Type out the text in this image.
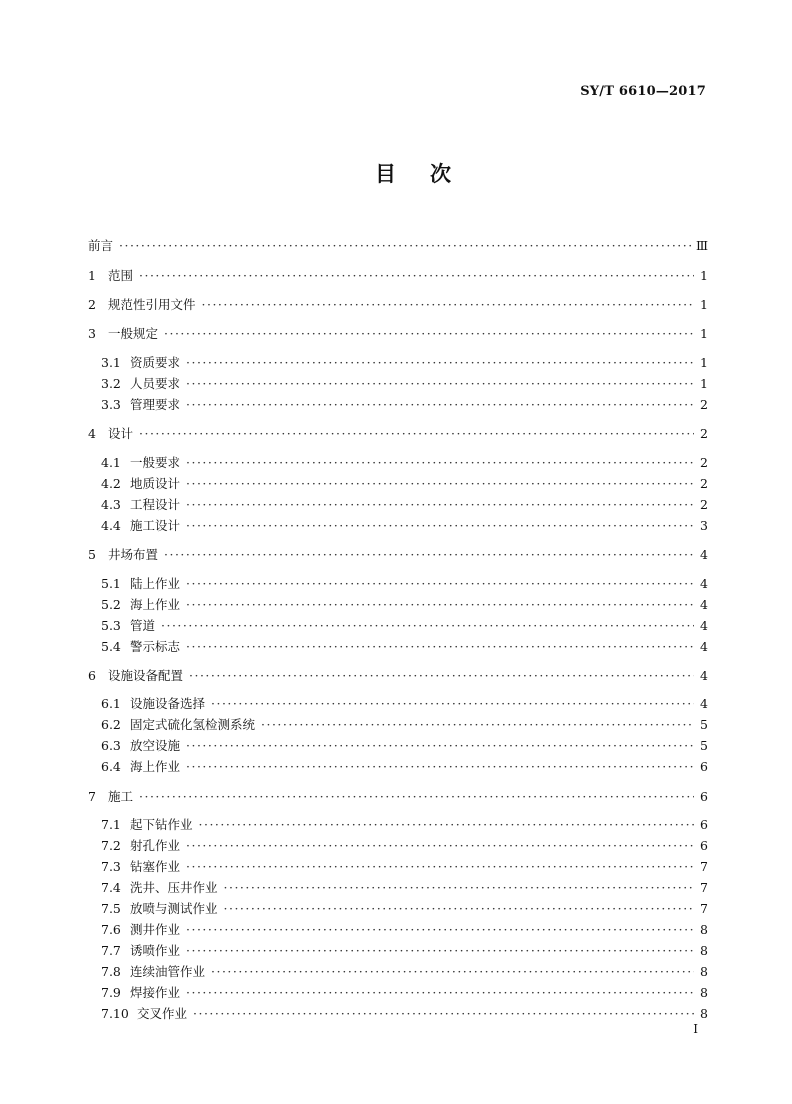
SY/T 6610—2017
目次
前言 ·····	Ⅲ
1 范围 ·····	1
2 规范性引用文件 ·····	1
3 一般规定 ·····	1
3.1 资质要求 ·····	1
3.2 人员要求 ·····	1
3.3 管理要求 ·····	2
4 设计 ·····	2
4.1 一般要求 ·····	2
4.2 地质设计 ·····	2
4.3 工程设计 ·····	2
4.4 施工设计 ·····	3
5 井场布置 ·····	4
5.1 陆上作业 ·····	4
5.2 海上作业 ·····	4
5.3 管道 ·····	4
5.4 警示标志 ·····	4
6 设施设备配置 ·····	4
6.1 设施设备选择 ·····	4
6.2 固定式硫化氢检测系统 ·····	5
6.3 放空设施 ·····	5
6.4 海上作业 ·····	6
7 施工 ·····	6
7.1 起下钻作业 ·····	6
7.2 射孔作业 ·····	6
7.3 钻塞作业 ·····	7
7.4 洗井、压井作业 ·····	7
7.5 放喷与测试作业 ·····	7
7.6 测井作业 ·····	8
7.7 诱喷作业 ·····	8
7.8 连续油管作业 ·····	8
7.9 焊接作业 ·····	8
7.10 交叉作业 ·····	8
I
